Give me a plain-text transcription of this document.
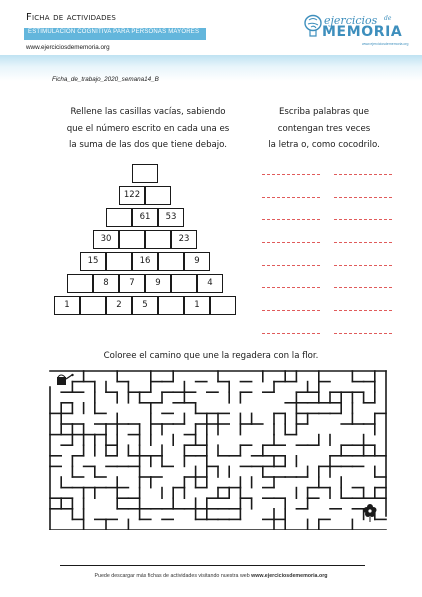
Ficha de actividades
ESTIMULACIÓN COGNITIVA PARA PERSONAS MAYORES
www.ejerciciosdememoria.org
ejercicios de
MEMORIA
www.ejerciciosdememoria.org
Ficha_de_trabajo_2020_semana14_B
Rellene las casillas vacías, sabiendo
que el número escrito en cada una es
la suma de las dos que tiene debajo.
Escriba palabras que
contengan tres veces
la letra o, como cocodrilo.
122
61	53
30	23
15	16	9
8	7	9	4
1	2	5	1
Coloree el camino que une la regadera con la flor.
Puede descargar más fichas de actividades visitando nuestra web www.ejerciciosdememoria.org
